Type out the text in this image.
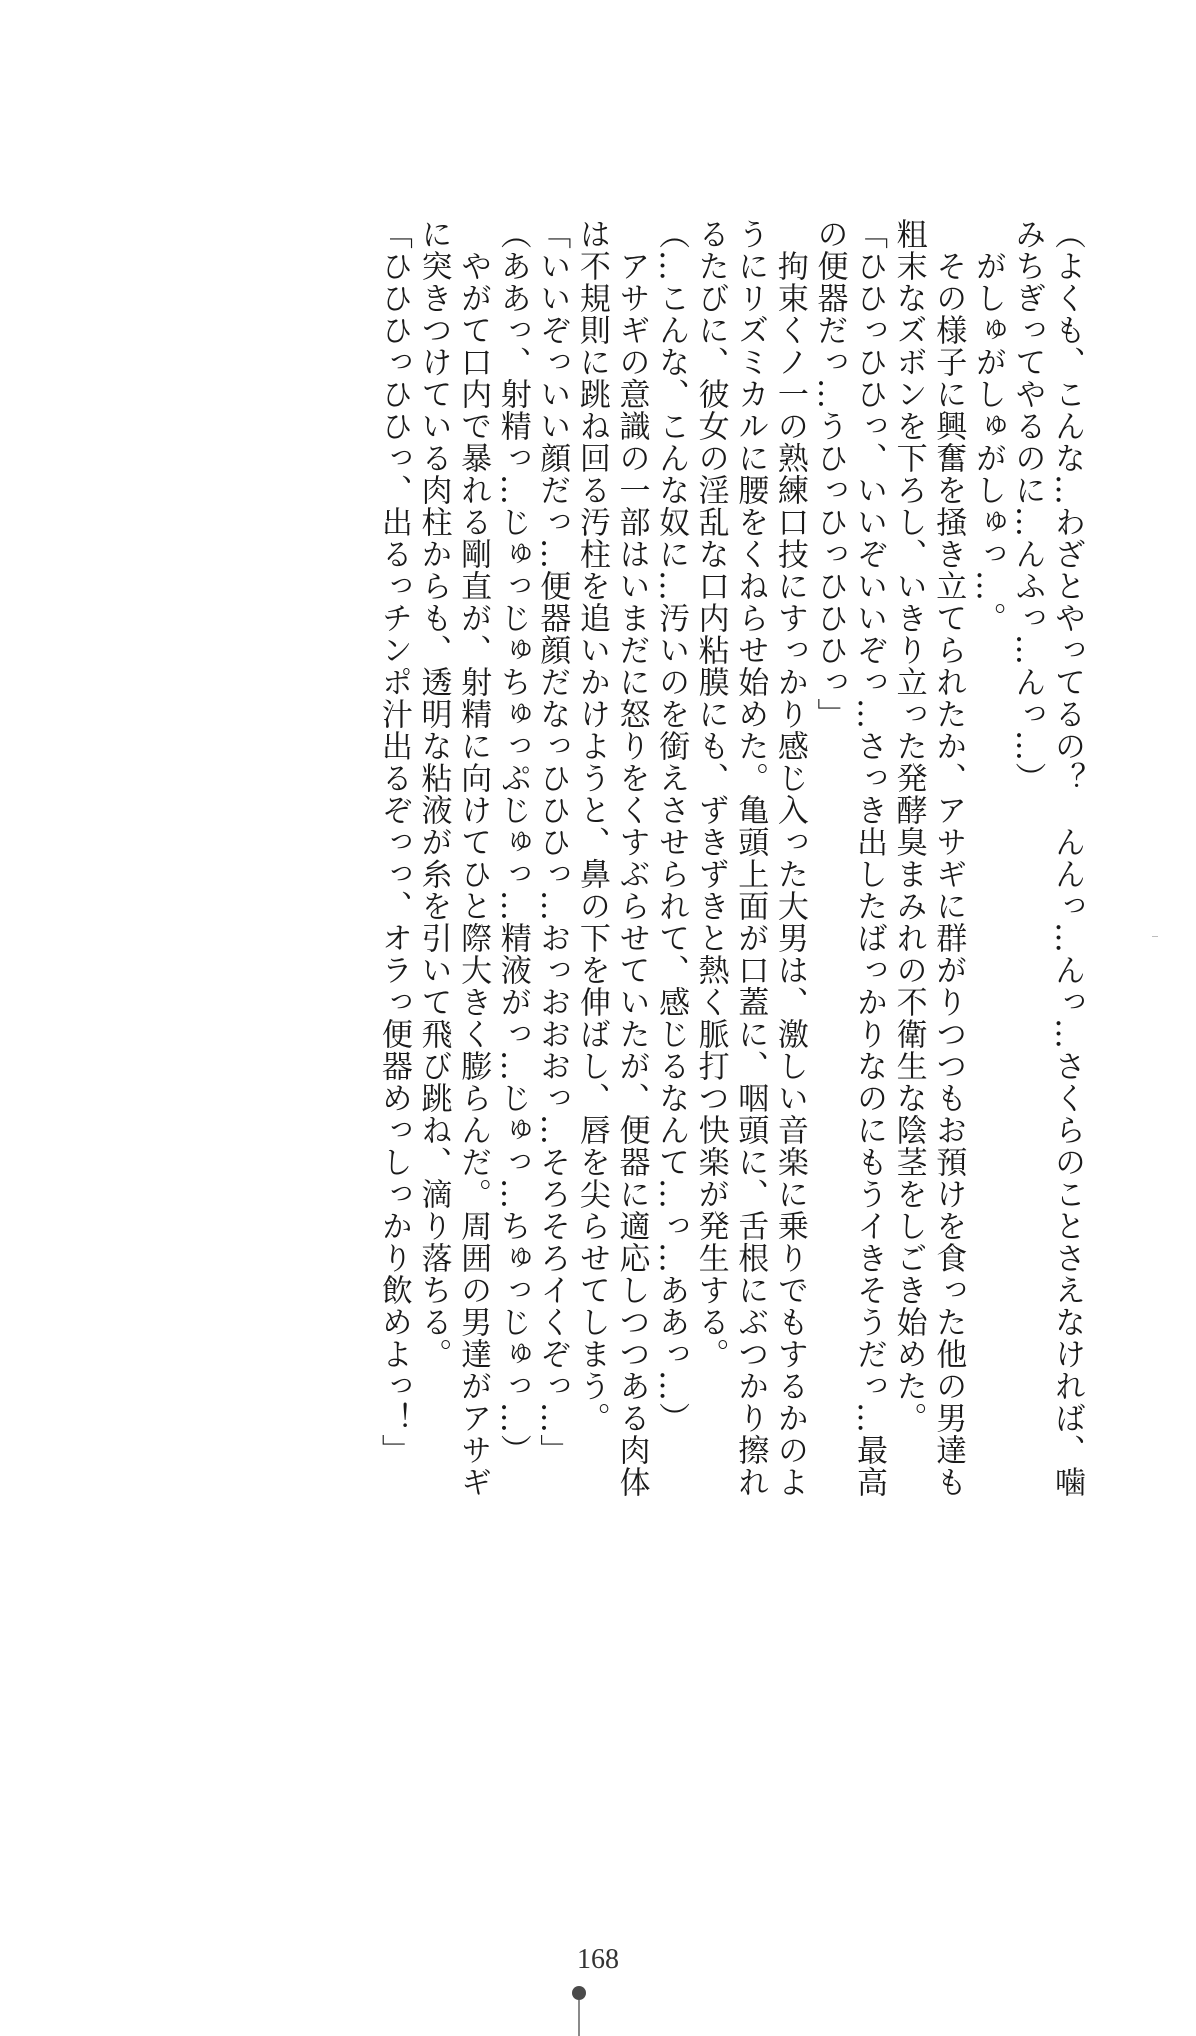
（よくも、こんな…わざとやってるの？　んんっ…んっ…さくらのことさえなければ、噛
みちぎってやるのに…んふっ…んっ…）
　がしゅがしゅがしゅっ…。
　その様子に興奮を掻き立てられたか、アサギに群がりつつもお預けを食った他の男達も
粗末なズボンを下ろし、いきり立った発酵臭まみれの不衛生な陰茎をしごき始めた。
「ひひっひひっ、いいぞいいぞっ…さっき出したばっかりなのにもうイきそうだっ…最高
の便器だっ…うひっひっひひひっ」
　拘束くノ一の熟練口技にすっかり感じ入った大男は、激しい音楽に乗りでもするかのよ
うにリズミカルに腰をくねらせ始めた。亀頭上面が口蓋に、咽頭に、舌根にぶつかり擦れ
るたびに、彼女の淫乱な口内粘膜にも、ずきずきと熱く脈打つ快楽が発生する。
（…こんな、こんな奴に…汚いのを銜えさせられて、感じるなんて…っ…ああっ…）
　アサギの意識の一部はいまだに怒りをくすぶらせていたが、便器に適応しつつある肉体
は不規則に跳ね回る汚柱を追いかけようと、鼻の下を伸ばし、唇を尖らせてしまう。
「いいぞっいい顔だっ…便器顔だなっひひひっ…おっおおおっ…そろそろイくぞっ…」
（ああっ、射精っ…じゅっじゅちゅっぷじゅっ…精液がっ…じゅっ…ちゅっじゅっ…）
　やがて口内で暴れる剛直が、射精に向けてひと際大きく膨らんだ。周囲の男達がアサギ
に突きつけている肉柱からも、透明な粘液が糸を引いて飛び跳ね、滴り落ちる。
「ひひひっひひっ、出るっチンポ汁出るぞっっ、オラっ便器めっしっかり飲めよっ！」
168
